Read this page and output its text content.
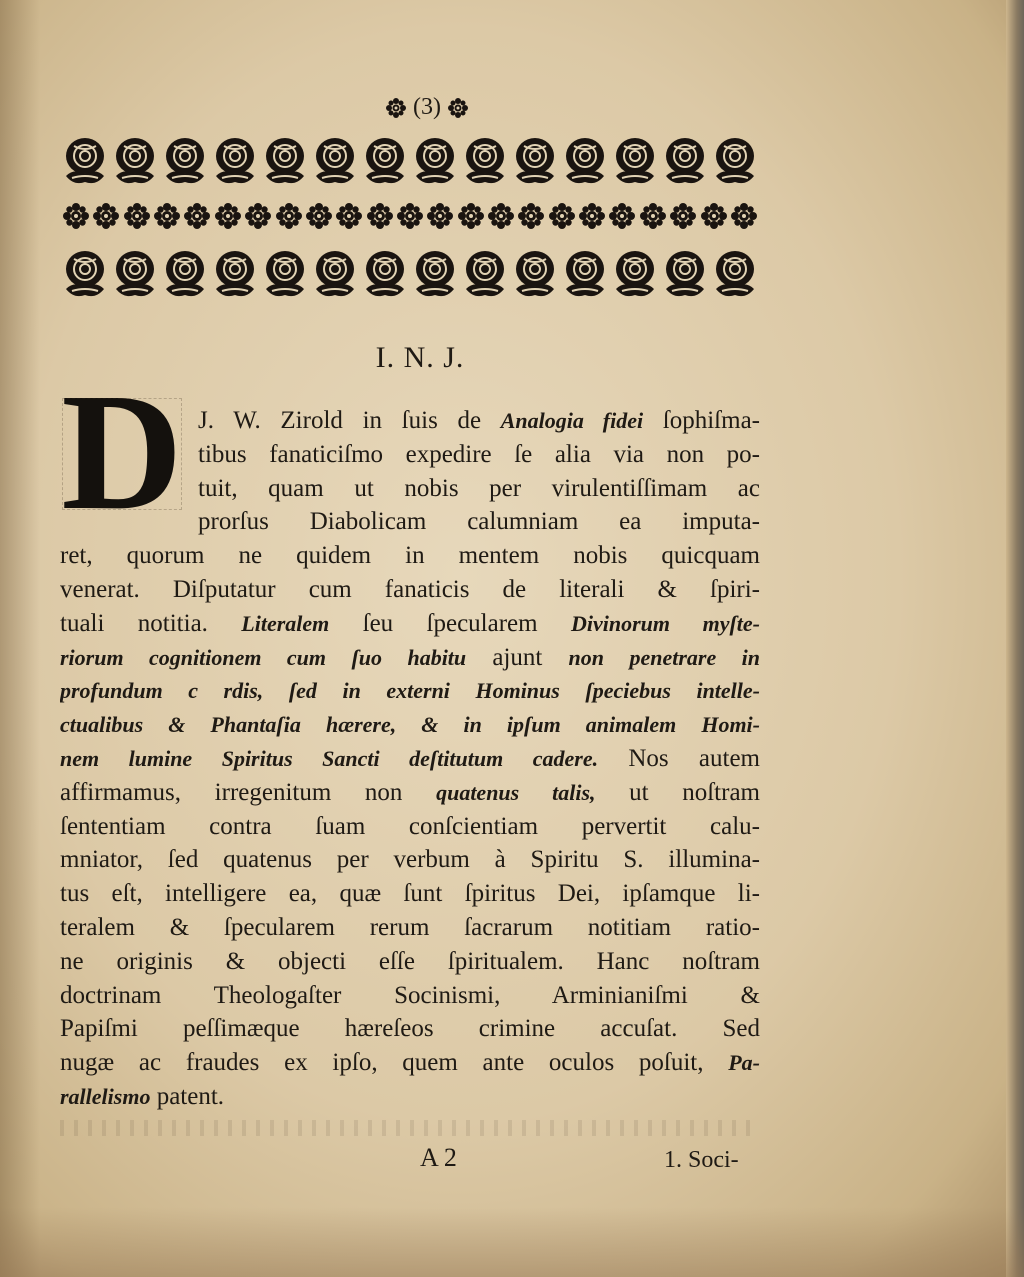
(3)
I. N. J.
D J. W. Zirold in ſuis de Analogia fidei ſophiſma-
tibus fanaticiſmo expedire ſe alia via non po-
tuit, quam ut nobis per virulentiſſimam ac
prorſus Diabolicam calumniam ea imputa-
ret, quorum ne quidem in mentem nobis quicquam
venerat. Diſputatur cum fanaticis de literali & ſpiri-
tuali notitia. Literalem ſeu ſpecularem Divinorum myſte-
riorum cognitionem cum ſuo habitu ajunt non penetrare in
profundum c rdis, ſed in externi Hominus ſpeciebus intelle-
ctualibus & Phantaſia hærere, & in ipſum animalem Homi-
nem lumine Spiritus Sancti deſtitutum cadere. Nos autem
affirmamus, irregenitum non quatenus talis, ut noſtram
ſententiam contra ſuam conſcientiam pervertit calu-
mniator, ſed quatenus per verbum à Spiritu S. illumina-
tus eſt, intelligere ea, quæ ſunt ſpiritus Dei, ipſamque li-
teralem & ſpecularem rerum ſacrarum notitiam ratio-
ne originis & objecti eſſe ſpiritualem. Hanc noſtram
doctrinam Theologaſter Socinismi, Arminianiſmi &
Papiſmi peſſimæque hæreſeos crimine accuſat. Sed
nugæ ac fraudes ex ipſo, quem ante oculos poſuit, Pa-
rallelismo patent.
A 2	1. Soci-
